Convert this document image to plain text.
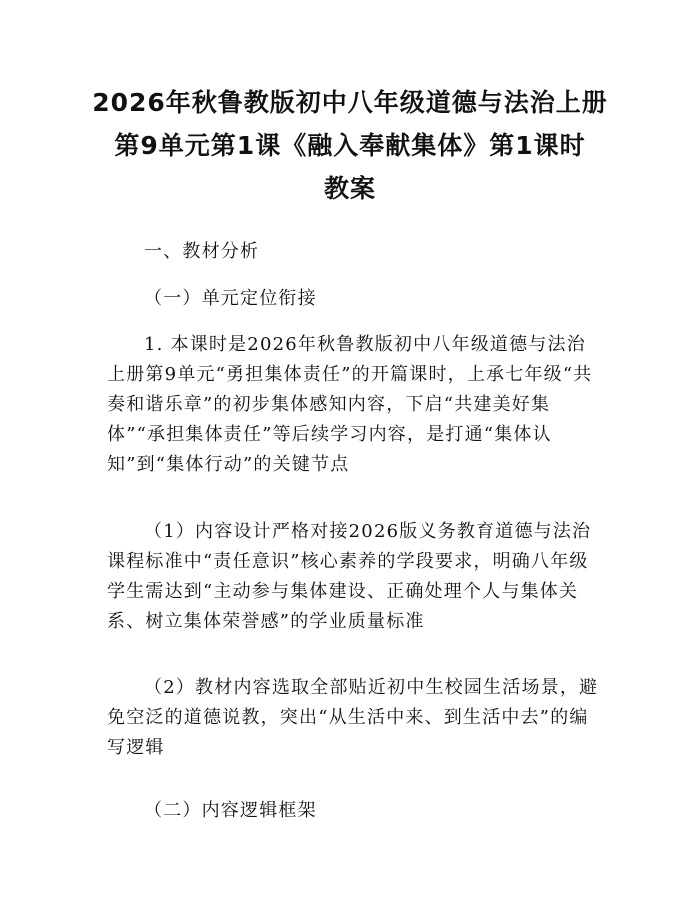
2026年秋鲁教版初中八年级道德与法治上册
第9单元第1课《融入奉献集体》第1课时
教案

一、教材分析

（一）单元定位衔接

1. 本课时是2026年秋鲁教版初中八年级道德与法治上册第9单元“勇担集体责任”的开篇课时，上承七年级“共奏和谐乐章”的初步集体感知内容，下启“共建美好集体”“承担集体责任”等后续学习内容，是打通“集体认知”到“集体行动”的关键节点

（1）内容设计严格对接2026版义务教育道德与法治课程标准中“责任意识”核心素养的学段要求，明确八年级学生需达到“主动参与集体建设、正确处理个人与集体关系、树立集体荣誉感”的学业质量标准

（2）教材内容选取全部贴近初中生校园生活场景，避免空泛的道德说教，突出“从生活中来、到生活中去”的编写逻辑

（二）内容逻辑框架
